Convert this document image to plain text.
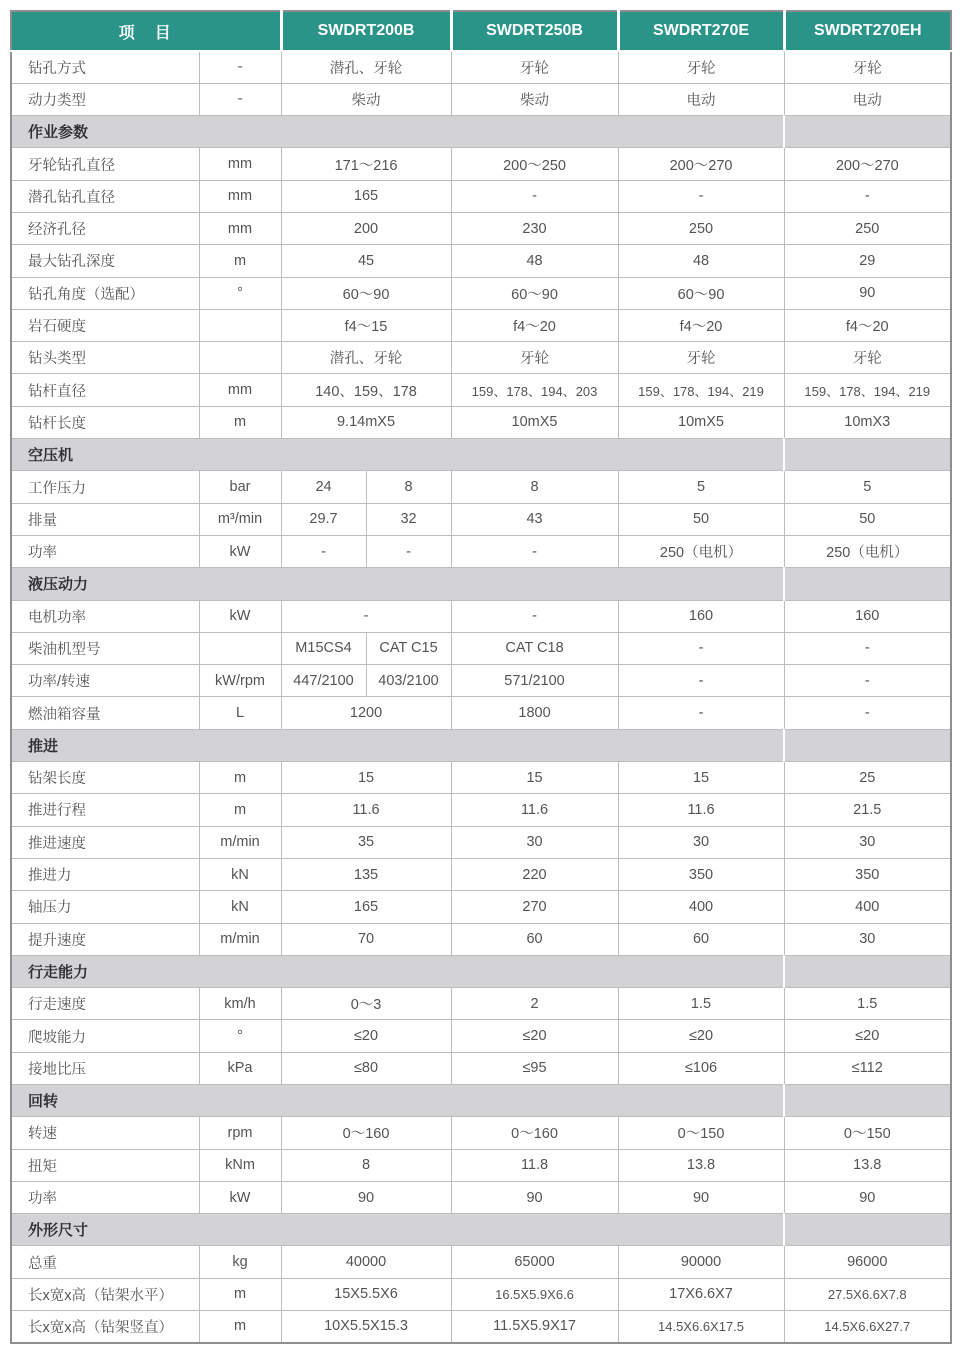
项　目		SWDRT200B		SWDRT250B	SWDRT270E	SWDRT270EH
钻孔方式	-	潜孔、牙轮		牙轮	牙轮	牙轮
动力类型	-	柴动		柴动	电动	电动
作业参数						
牙轮钻孔直径	mm	171～216		200～250	200～270	200～270
潜孔钻孔直径	mm	165		-	-	-
经济孔径	mm	200		230	250	250
最大钻孔深度	m	45		48	48	29
钻孔角度（选配）	°	60～90		60～90	60～90	90
岩石硬度		f4～15		f4～20	f4～20	f4～20
钻头类型		潜孔、牙轮		牙轮	牙轮	牙轮
钻杆直径	mm	140、159、178		159、178、194、203	159、178、194、219	159、178、194、219
钻杆长度	m	9.14mX5		10mX5	10mX5	10mX3
空压机						
工作压力	bar	24	8	8	5	5
排量	m³/min	29.7	32	43	50	50
功率	kW	-	-	-	250（电机）	250（电机）
液压动力						
电机功率	kW	-		-	160	160
柴油机型号		M15CS4	CAT C15	CAT C18	-	-
功率/转速	kW/rpm	447/2100	403/2100	571/2100	-	-
燃油箱容量	L	1200		1800	-	-
推进						
钻架长度	m	15		15	15	25
推进行程	m	11.6		11.6	11.6	21.5
推进速度	m/min	35		30	30	30
推进力	kN	135		220	350	350
轴压力	kN	165		270	400	400
提升速度	m/min	70		60	60	30
行走能力						
行走速度	km/h	0～3		2	1.5	1.5
爬坡能力	°	≤20		≤20	≤20	≤20
接地比压	kPa	≤80		≤95	≤106	≤112
回转						
转速	rpm	0～160		0～160	0～150	0～150
扭矩	kNm	8		11.8	13.8	13.8
功率	kW	90		90	90	90
外形尺寸						
总重	kg	40000		65000	90000	96000
长x宽x高（钻架水平）	m	15X5.5X6		16.5X5.9X6.6	17X6.6X7	27.5X6.6X7.8
长x宽x高（钻架竖直）	m	10X5.5X15.3		11.5X5.9X17	14.5X6.6X17.5	14.5X6.6X27.7
